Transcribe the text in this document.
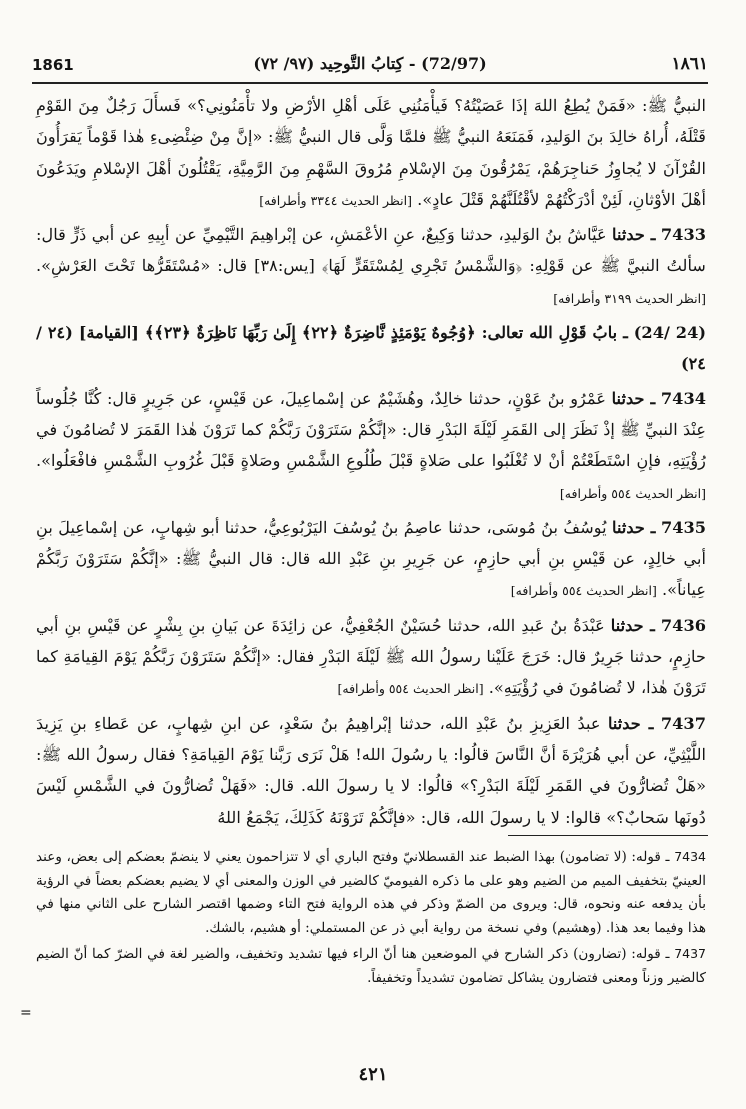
1861	(72/97) - كِتابُ التَّوحِيد (٩٧/ ٧٢)	١٨٦١

النبيُّ ﷺ: «فَمَنْ يُطِعُ اللهَ إذَا عَصَيْتُهُ؟ فَيأْمَنُنِي عَلَى أهْلِ الأرْضِ ولا تأْمَنُونِي؟» فَسأَلَ رَجُلٌ مِنَ القَوْمِ قَتْلَهُ، أُراهُ خالِدَ بنَ الوَليدِ، فَمَنَعَهُ النبيُّ ﷺ فلمَّا وَلَّى قال النبيُّ ﷺ: «إنَّ مِنْ ضِئْضِىءِ هٰذا قَوْماً يَقرَأُونَ القُرْآنَ لا يُجاوِزُ حَناجِرَهُمْ، يَمْرُقُونَ مِنَ الإسْلامِ مُرُوقَ السَّهْمِ مِنَ الرَّمِيَّةِ، يَقْتُلُونَ أهْلَ الإسْلامِ ويَدَعُونَ أهْلَ الأوْثانِ، لَئِنْ أدْرَكْتُهُمْ لأقْتُلَنَّهُمْ قَتْلَ عادٍ». [انظر الحديث ٣٣٤٤ وأطرافه]

7433 ـ حدثنا عَيَّاشُ بنُ الوَليدِ، حدثنا وَكِيعٌ، عنِ الأعْمَشِ، عن إبْراهِيمَ التَّيْمِيِّ عن أبِيهِ عن أبي ذَرٍّ قال: سألتُ النبيَّ ﷺ عن قَوْلِهِ: ﴿وَالشَّمْسُ تَجْرِي لِمُسْتَقَرٍّ لَهَا﴾ [يس:٣٨] قال: «مُسْتَقَرُّها تَحْتَ العَرْشِ». [انظر الحديث ٣١٩٩ وأطرافه]

(24/ 24) ـ بابُ قَوْلِ الله تعالى: ﴿وُجُوهٌ يَوْمَئِذٍ نَّاضِرَةٌ ﴿٢٢﴾ إِلَىٰ رَبِّهَا نَاظِرَةٌ ﴿٢٣﴾﴾ [القيامة] (٢٤ /٢٤)

7434 ـ حدثنا عَمْرُو بنُ عَوْنٍ، حدثنا خالِدٌ، وهُشَيْمٌ عن إسْماعِيلَ، عن قَيْسٍ، عن جَرِيرٍ قال: كُنَّا جُلُوساً عِنْدَ النبيِّ ﷺ إذْ نَظَرَ إلى القَمَرِ لَيْلَةَ البَدْرِ قال: «إنَّكُمْ سَتَرَوْنَ رَبَّكُمْ كما تَرَوْنَ هٰذا القَمَرَ لا تُضامُونَ في رُؤْيَتِهِ، فإنِ اسْتَطَعْتُمْ أنْ لا تُغْلَبُوا على صَلاةٍ قَبْلَ طُلُوعِ الشَّمْسِ وصَلاةٍ قَبْلَ غُرُوبِ الشَّمْسِ فافْعَلُوا». [انظر الحديث ٥٥٤ وأطرافه]

7435 ـ حدثنا يُوسُفُ بنُ مُوسَى، حدثنا عاصِمُ بنُ يُوسُفَ اليَرْبُوعِيُّ، حدثنا أبو شِهابٍ، عن إسْماعِيلَ بنِ أبي خالِدٍ، عن قَيْسِ بنِ أبي حازِمٍ، عن جَرِيرِ بنِ عَبْدِ الله قال: قال النبيُّ ﷺ: «إنَّكُمْ سَتَرَوْنَ رَبَّكُمْ عِياناً». [انظر الحديث ٥٥٤ وأطرافه]

7436 ـ حدثنا عَبْدَةُ بنُ عَبدِ الله، حدثنا حُسَيْنٌ الجُعْفِيُّ، عن زائِدَةَ عن بَيانِ بنِ بِشْرٍ عن قَيْسِ بنِ أبي حازِمٍ، حدثنا جَرِيرٌ قال: خَرَجَ عَلَيْنا رسولُ الله ﷺ لَيْلَةَ البَدْرِ فقال: «إنَّكُمْ سَتَرَوْنَ رَبَّكُمْ يَوْمَ القِيامَةِ كما تَرَوْنَ هٰذا، لا تُضامُونَ في رُؤْيَتِهِ». [انظر الحديث ٥٥٤ وأطرافه]

7437 ـ حدثنا عبدُ العَزِيزِ بنُ عَبْدِ الله، حدثنا إبْراهِيمُ بنُ سَعْدٍ، عن ابنِ شِهابٍ، عن عَطاءِ بنِ يَزِيدَ اللَّيْثِيِّ، عن أبي هُرَيْرَةَ أنَّ النَّاسَ قالُوا: يا رسُولَ الله! هَلْ نَرَى رَبَّنا يَوْمَ القِيامَةِ؟ فقال رسولُ الله ﷺ: «هَلْ تُضارُّونَ في القَمَرِ لَيْلَةَ البَدْرِ؟» قالُوا: لا يا رسولَ الله. قال: «فَهَلْ تُضارُّونَ في الشَّمْسِ لَيْسَ دُونَها سَحابٌ؟» قالوا: لا يا رسولَ الله، قال: «فإنَّكُمْ تَرَوْنَهُ كَذَلِكَ، يَجْمَعُ اللهُ

7434 ـ قوله: (لا تضامون) بهذا الضبط عند القسطلانيّ وفتح الباري أي لا تتزاحمون يعني لا ينضمّ بعضكم إلى بعض، وعند العينيّ بتخفيف الميم من الضيم وهو على ما ذكره الفيوميّ كالضير في الوزن والمعنى أي لا يضيم بعضكم بعضاً في الرؤية بأن يدفعه عنه ونحوه، قال: ويروى من الضمّ وذكر في هذه الرواية فتح التاء وضمها اقتصر الشارح على الثاني منها في هذا وفيما بعد هذا. (وهشيم) وفي نسخة من رواية أبي ذر عن المستملي: أو هشيم، بالشك.

7437 ـ قوله: (تضارون) ذكر الشارح في الموضعين هنا أنّ الراء فيها تشديد وتخفيف، والضير لغة في الضرّ كما أنّ الضيم كالضير وزناً ومعنى فتضارون يشاكل تضامون تشديداً وتخفيفاً.

=
٤٢١
